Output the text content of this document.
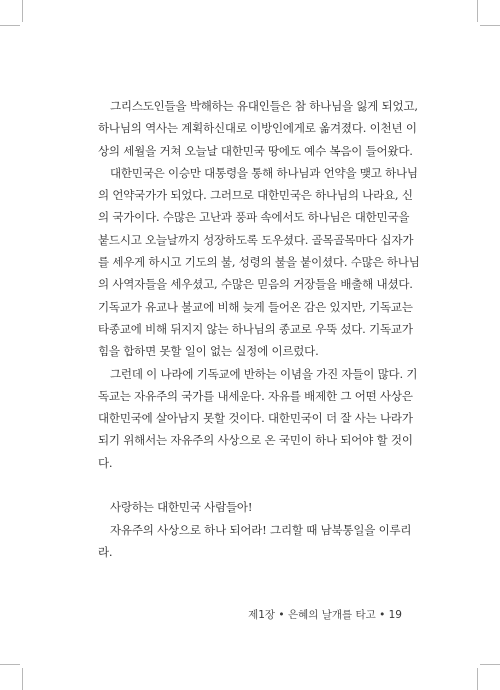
그리스도인들을 박해하는 유대인들은 참 하나님을 잃게 되었고,
하나님의 역사는 계획하신대로 이방인에게로 옮겨졌다. 이천년 이
상의 세월을 거쳐 오늘날 대한민국 땅에도 예수 복음이 들어왔다.
대한민국은 이승만 대통령을 통해 하나님과 언약을 맺고 하나님
의 언약국가가 되었다. 그러므로 대한민국은 하나님의 나라요, 신
의 국가이다. 수많은 고난과 풍파 속에서도 하나님은 대한민국을
붙드시고 오늘날까지 성장하도록 도우셨다. 골목골목마다 십자가
를 세우게 하시고 기도의 불, 성령의 불을 붙이셨다. 수많은 하나님
의 사역자들을 세우셨고, 수많은 믿음의 거장들을 배출해 내셨다.
기독교가 유교나 불교에 비해 늦게 들어온 감은 있지만, 기독교는
타종교에 비해 뒤지지 않는 하나님의 종교로 우뚝 섰다. 기독교가
힘을 합하면 못할 일이 없는 실정에 이르렀다.
그런데 이 나라에 기독교에 반하는 이념을 가진 자들이 많다. 기
독교는 자유주의 국가를 내세운다. 자유를 배제한 그 어떤 사상은
대한민국에 살아남지 못할 것이다. 대한민국이 더 잘 사는 나라가
되기 위해서는 자유주의 사상으로 온 국민이 하나 되어야 할 것이
다.
사랑하는 대한민국 사람들아!
자유주의 사상으로 하나 되어라! 그리할 때 남북통일을 이루리
라.
제1장 • 은혜의 날개를 타고 • 19
